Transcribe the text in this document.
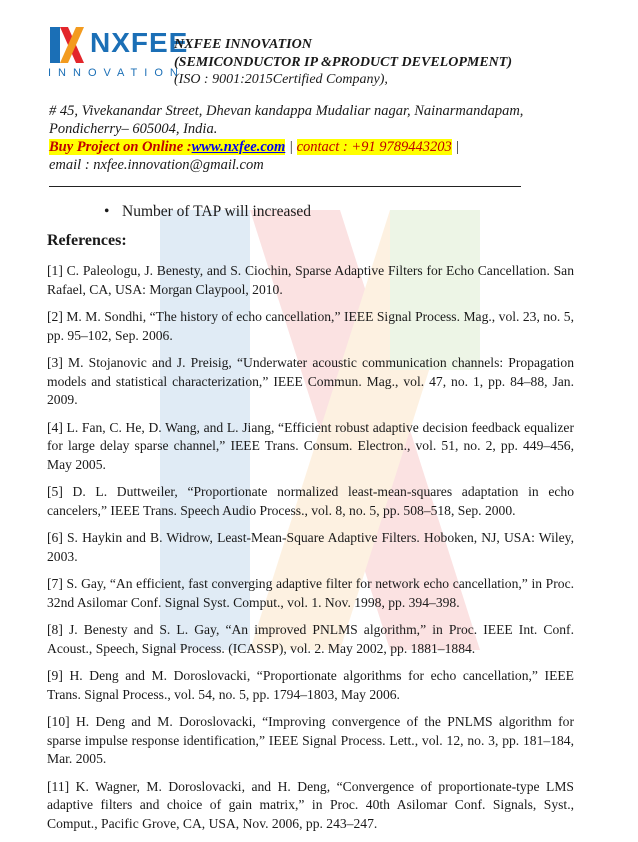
NXFEE
INNOVATION
NXFEE INNOVATION
(SEMICONDUCTOR IP &PRODUCT DEVELOPMENT)
(ISO : 9001:2015Certified Company),
# 45, Vivekanandar Street, Dhevan kandappa Mudaliar nagar, Nainarmandapam,
Pondicherry– 605004, India.
Buy Project on Online :www.nxfee.com | contact : +91 9789443203 |
email : nxfee.innovation@gmail.com
• Number of TAP will increased
References:
[1] C. Paleologu, J. Benesty, and S. Ciochin, Sparse Adaptive Filters for Echo Cancellation. San Rafael, CA, USA: Morgan Claypool, 2010.
[2] M. M. Sondhi, “The history of echo cancellation,” IEEE Signal Process. Mag., vol. 23, no. 5, pp. 95–102, Sep. 2006.
[3] M. Stojanovic and J. Preisig, “Underwater acoustic communication channels: Propagation models and statistical characterization,” IEEE Commun. Mag., vol. 47, no. 1, pp. 84–88, Jan. 2009.
[4] L. Fan, C. He, D. Wang, and L. Jiang, “Efficient robust adaptive decision feedback equalizer for large delay sparse channel,” IEEE Trans. Consum. Electron., vol. 51, no. 2, pp. 449–456, May 2005.
[5] D. L. Duttweiler, “Proportionate normalized least-mean-squares adaptation in echo cancelers,” IEEE Trans. Speech Audio Process., vol. 8, no. 5, pp. 508–518, Sep. 2000.
[6] S. Haykin and B. Widrow, Least-Mean-Square Adaptive Filters. Hoboken, NJ, USA: Wiley, 2003.
[7] S. Gay, “An efficient, fast converging adaptive filter for network echo cancellation,” in Proc. 32nd Asilomar Conf. Signal Syst. Comput., vol. 1. Nov. 1998, pp. 394–398.
[8] J. Benesty and S. L. Gay, “An improved PNLMS algorithm,” in Proc. IEEE Int. Conf. Acoust., Speech, Signal Process. (ICASSP), vol. 2. May 2002, pp. 1881–1884.
[9] H. Deng and M. Doroslovacki, “Proportionate algorithms for echo cancellation,” IEEE Trans. Signal Process., vol. 54, no. 5, pp. 1794–1803, May 2006.
[10] H. Deng and M. Doroslovacki, “Improving convergence of the PNLMS algorithm for sparse impulse response identification,” IEEE Signal Process. Lett., vol. 12, no. 3, pp. 181–184, Mar. 2005.
[11] K. Wagner, M. Doroslovacki, and H. Deng, “Convergence of proportionate-type LMS adaptive filters and choice of gain matrix,” in Proc. 40th Asilomar Conf. Signals, Syst., Comput., Pacific Grove, CA, USA, Nov. 2006, pp. 243–247.
